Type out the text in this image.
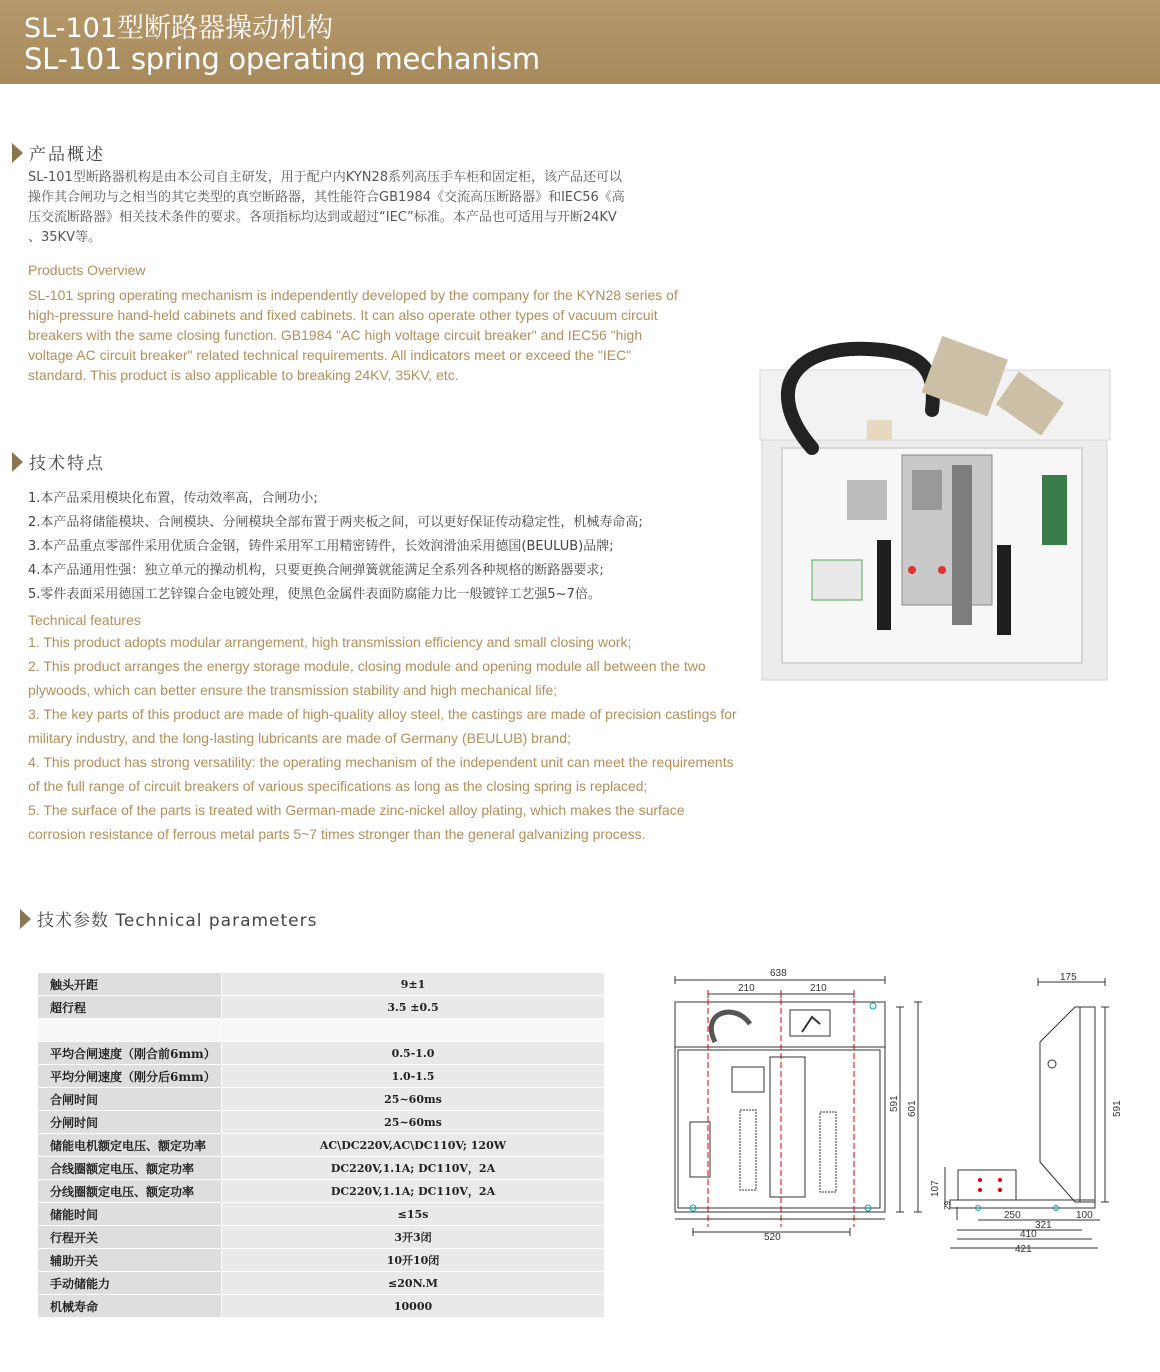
SL-101型断路器操动机构
SL-101 spring operating mechanism
产品概述
SL-101型断路器机构是由本公司自主研发，用于配户内KYN28系列高压手车柜和固定柜，该产品还可以
操作其合闸功与之相当的其它类型的真空断路器，其性能符合GB1984《交流高压断路器》和IEC56《高
压交流断路器》相关技术条件的要求。各项指标均达到或超过“IEC”标准。本产品也可适用与开断24KV
、35KV等。
Products Overview
SL-101 spring operating mechanism is independently developed by the company for the KYN28 series of
high-pressure hand-held cabinets and fixed cabinets. It can also operate other types of vacuum circuit
breakers with the same closing function. GB1984 "AC high voltage circuit breaker" and IEC56 "high
voltage AC circuit breaker" related technical requirements. All indicators meet or exceed the "IEC"
standard. This product is also applicable to breaking 24KV, 35KV, etc.
技术特点
1.本产品采用模块化布置，传动效率高，合闸功小;
2.本产品将储能模块、合闸模块、分闸模块全部布置于两夹板之间，可以更好保证传动稳定性，机械寿命高;
3.本产品重点零部件采用优质合金钢，铸件采用军工用精密铸件，长效润滑油采用德国(BEULUB)品牌;
4.本产品通用性强：独立单元的操动机构，只要更换合闸弹簧就能满足全系列各种规格的断路器要求;
5.零件表面采用德国工艺锌镍合金电镀处理，使黑色金属件表面防腐能力比一般镀锌工艺强5~7倍。
Technical features
1. This product adopts modular arrangement, high transmission efficiency and small closing work;
2. This product arranges the energy storage module, closing module and opening module all between the two
plywoods, which can better ensure the transmission stability and high mechanical life;
3. The key parts of this product are made of high-quality alloy steel, the castings are made of precision castings for
military industry, and the long-lasting lubricants are made of Germany (BEULUB) brand;
4. This product has strong versatility: the operating mechanism of the independent unit can meet the requirements
of the full range of circuit breakers of various specifications as long as the closing spring is replaced;
5. The surface of the parts is treated with German-made zinc-nickel alloy plating, which makes the surface
corrosion resistance of ferrous metal parts 5~7 times stronger than the general galvanizing process.
技术参数 Technical parameters
触头开距	9±1
超行程	3.5 ±0.5

平均合闸速度（刚合前6mm）	0.5-1.0
平均分闸速度（刚分后6mm）	1.0-1.5
合闸时间	25~60ms
分闸时间	25~60ms
储能电机额定电压、额定功率	AC\DC220V,AC\DC110V; 120W
合线圈额定电压、额定功率	DC220V,1.1A; DC110V，2A
分线圈额定电压、额定功率	DC220V,1.1A; DC110V，2A
储能时间	≤15s
行程开关	3开3闭
辅助开关	10开10闭
手动储能力	≤20N.M
机械寿命	10000
638
210	210
591 601
520
175
591
107
29
250	100
321
410
421
